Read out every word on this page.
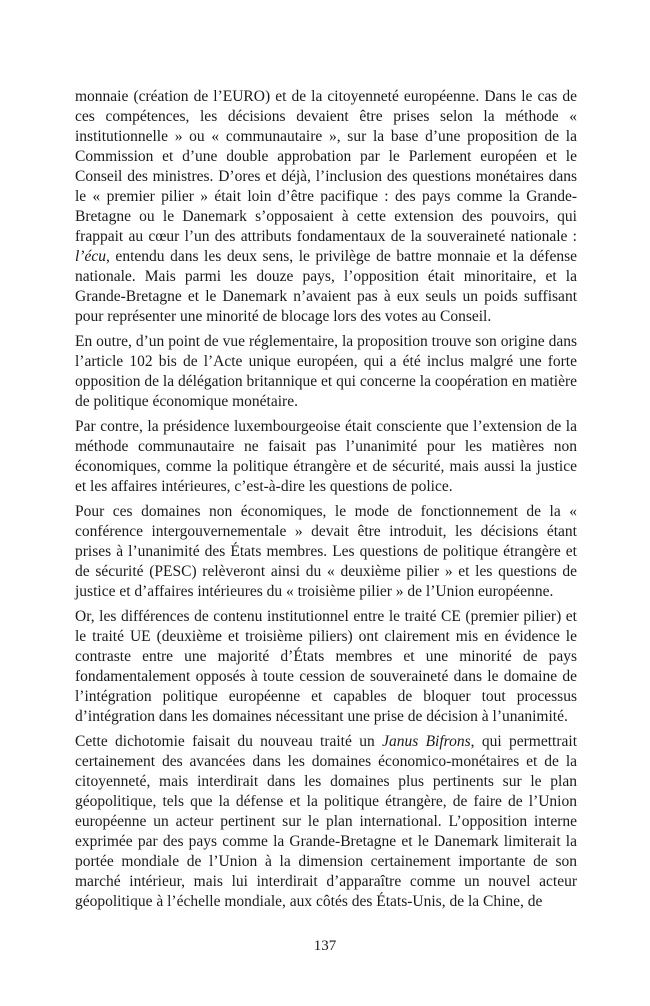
monnaie (création de l’EURO) et de la citoyenneté européenne. Dans le cas de ces compétences, les décisions devaient être prises selon la méthode « institutionnelle » ou « communautaire », sur la base d’une proposition de la Commission et d’une double approbation par le Parlement européen et le Conseil des ministres. D’ores et déjà, l’inclusion des questions monétaires dans le « premier pilier » était loin d’être pacifique : des pays comme la Grande-Bretagne ou le Danemark s’opposaient à cette extension des pouvoirs, qui frappait au cœur l’un des attributs fondamentaux de la souveraineté nationale : l’écu, entendu dans les deux sens, le privilège de battre monnaie et la défense nationale. Mais parmi les douze pays, l’opposition était minoritaire, et la Grande-Bretagne et le Danemark n’avaient pas à eux seuls un poids suffisant pour représenter une minorité de blocage lors des votes au Conseil.

En outre, d’un point de vue réglementaire, la proposition trouve son origine dans l’article 102 bis de l’Acte unique européen, qui a été inclus malgré une forte opposition de la délégation britannique et qui concerne la coopération en matière de politique économique monétaire.

Par contre, la présidence luxembourgeoise était consciente que l’extension de la méthode communautaire ne faisait pas l’unanimité pour les matières non économiques, comme la politique étrangère et de sécurité, mais aussi la justice et les affaires intérieures, c’est-à-dire les questions de police.

Pour ces domaines non économiques, le mode de fonctionnement de la « conférence intergouvernementale » devait être introduit, les décisions étant prises à l’unanimité des États membres. Les questions de politique étrangère et de sécurité (PESC) relèveront ainsi du « deuxième pilier » et les questions de justice et d’affaires intérieures du « troisième pilier » de l’Union européenne.

Or, les différences de contenu institutionnel entre le traité CE (premier pilier) et le traité UE (deuxième et troisième piliers) ont clairement mis en évidence le contraste entre une majorité d’États membres et une minorité de pays fondamentalement opposés à toute cession de souveraineté dans le domaine de l’intégration politique européenne et capables de bloquer tout processus d’intégration dans les domaines nécessitant une prise de décision à l’unanimité.

Cette dichotomie faisait du nouveau traité un Janus Bifrons, qui permettrait certainement des avancées dans les domaines économico-monétaires et de la citoyenneté, mais interdirait dans les domaines plus pertinents sur le plan géopolitique, tels que la défense et la politique étrangère, de faire de l’Union européenne un acteur pertinent sur le plan international. L’opposition interne exprimée par des pays comme la Grande-Bretagne et le Danemark limiterait la portée mondiale de l’Union à la dimension certainement importante de son marché intérieur, mais lui interdirait d’apparaître comme un nouvel acteur géopolitique à l’échelle mondiale, aux côtés des États-Unis, de la Chine, de

137
